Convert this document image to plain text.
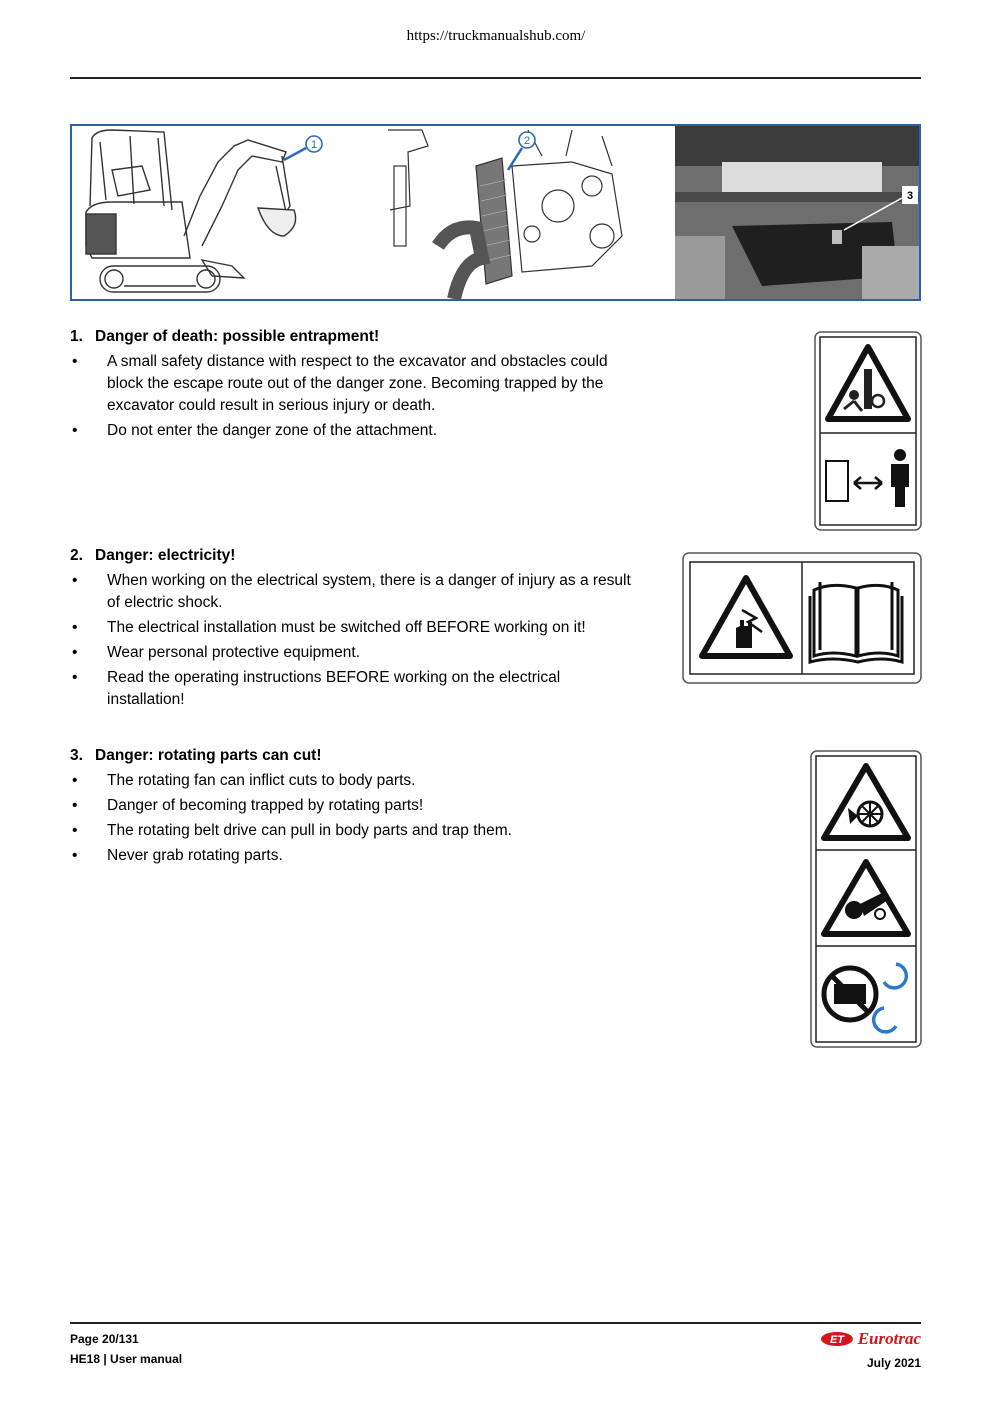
https://truckmanualshub.com/
1	2
3
1. Danger of death: possible entrapment!
• A small safety distance with respect to the excavator and obstacles could block the escape route out of the danger zone. Becoming trapped by the excavator could result in serious injury or death.
• Do not enter the danger zone of the attachment.
2. Danger: electricity!
• When working on the electrical system, there is a danger of injury as a result of electric shock.
• The electrical installation must be switched off BEFORE working on it!
• Wear personal protective equipment.
• Read the operating instructions BEFORE working on the electrical installation!
3. Danger: rotating parts can cut!
• The rotating fan can inflict cuts to body parts.
• Danger of becoming trapped by rotating parts!
• The rotating belt drive can pull in body parts and trap them.
• Never grab rotating parts.
Page 20/131
HE18 | User manual
ET Eurotrac
July 2021
